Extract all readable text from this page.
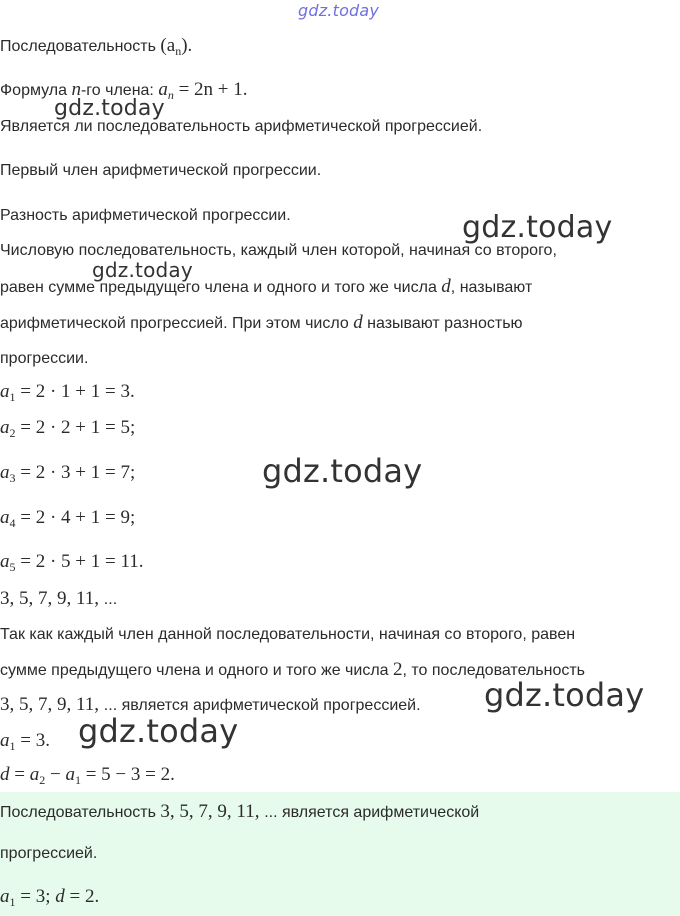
gdz.today
gdz.today
gdz.today
gdz.today
gdz.today
gdz.today
gdz.today
Последовательность $(a_n)$.
Формула n-го члена: $a_n = 2n + 1$.
Является ли последовательность арифметической прогрессией.
Первый член арифметической прогрессии.
Разность арифметической прогрессии.
Числовую последовательность, каждый член которой, начиная со второго,
равен сумме предыдущего члена и одного и того же числа d, называют
арифметической прогрессией. При этом число d называют разностью
прогрессии.
$a_1 = 2 \cdot 1 + 1 = 3$.
$a_2 = 2 \cdot 2 + 1 = 5$;
$a_3 = 2 \cdot 3 + 1 = 7$;
$a_4 = 2 \cdot 4 + 1 = 9$;
$a_5 = 2 \cdot 5 + 1 = 11$.
3, 5, 7, 9, 11, ...
Так как каждый член данной последовательности, начиная со второго, равен
сумме предыдущего члена и одного и того же числа 2, то последовательность
3, 5, 7, 9, 11, ... является арифметической прогрессией.
$a_1 = 3$.
$d = a_2 - a_1 = 5 - 3 = 2$.
Последовательность 3, 5, 7, 9, 11, ... является арифметической
прогрессией.
$a_1 = 3$; d = 2.
